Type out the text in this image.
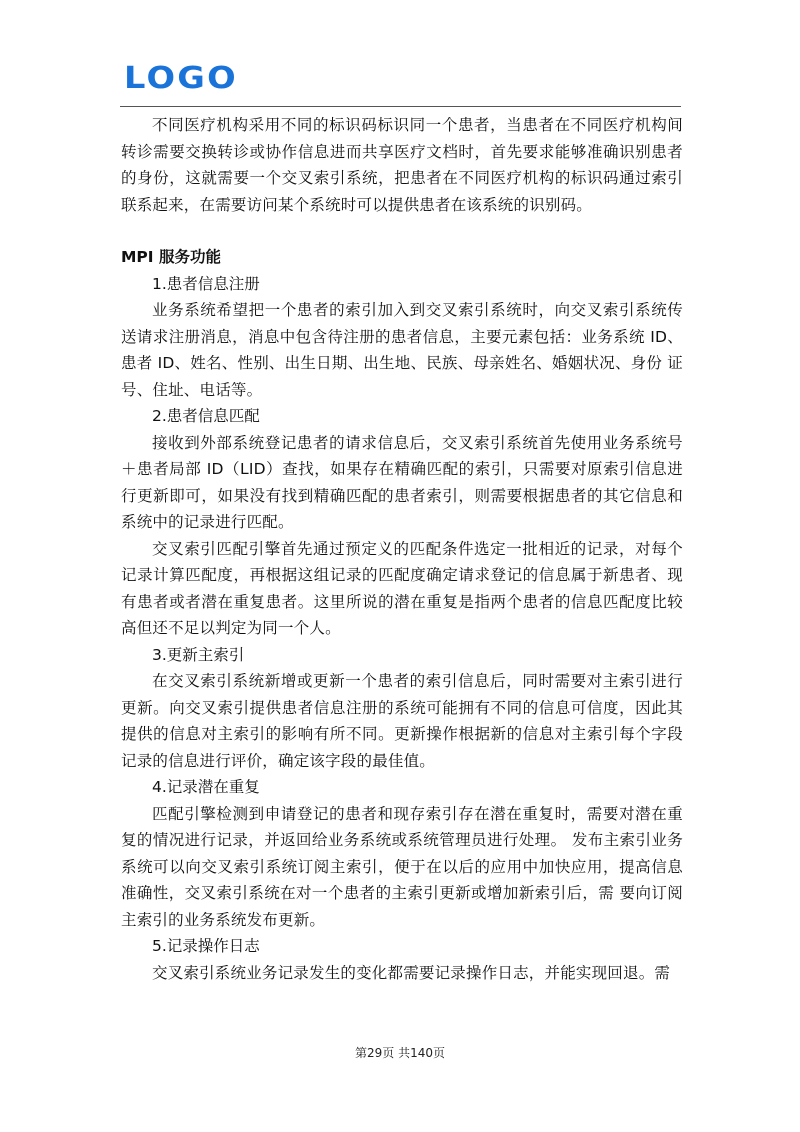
LOGO

不同医疗机构采用不同的标识码标识同一个患者，当患者在不同医疗机构间转诊需要交换转诊或协作信息进而共享医疗文档时，首先要求能够准确识别患者的身份，这就需要一个交叉索引系统，把患者在不同医疗机构的标识码通过索引联系起来，在需要访问某个系统时可以提供患者在该系统的识别码。

MPI 服务功能

1.患者信息注册

业务系统希望把一个患者的索引加入到交叉索引系统时，向交叉索引系统传送请求注册消息，消息中包含待注册的患者信息，主要元素包括：业务系统 ID、患者 ID、姓名、性别、出生日期、出生地、民族、母亲姓名、婚姻状况、身份 证号、住址、电话等。

2.患者信息匹配

接收到外部系统登记患者的请求信息后，交叉索引系统首先使用业务系统号＋患者局部 ID（LID）查找，如果存在精确匹配的索引，只需要对原索引信息进 行更新即可，如果没有找到精确匹配的患者索引，则需要根据患者的其它信息和系统中的记录进行匹配。

交叉索引匹配引擎首先通过预定义的匹配条件选定一批相近的记录，对每个记录计算匹配度，再根据这组记录的匹配度确定请求登记的信息属于新患者、现有患者或者潜在重复患者。这里所说的潜在重复是指两个患者的信息匹配度比较高但还不足以判定为同一个人。

3.更新主索引

在交叉索引系统新增或更新一个患者的索引信息后，同时需要对主索引进行更新。向交叉索引提供患者信息注册的系统可能拥有不同的信息可信度，因此其提供的信息对主索引的影响有所不同。更新操作根据新的信息对主索引每个字段记录的信息进行评价，确定该字段的最佳值。

4.记录潜在重复

匹配引擎检测到申请登记的患者和现存索引存在潜在重复时，需要对潜在重复的情况进行记录，并返回给业务系统或系统管理员进行处理。 发布主索引业务系统可以向交叉索引系统订阅主索引，便于在以后的应用中加快应用，提高信息准确性，交叉索引系统在对一个患者的主索引更新或增加新索引后，需 要向订阅主索引的业务系统发布更新。

5.记录操作日志

交叉索引系统业务记录发生的变化都需要记录操作日志，并能实现回退。需

第29页 共140页
